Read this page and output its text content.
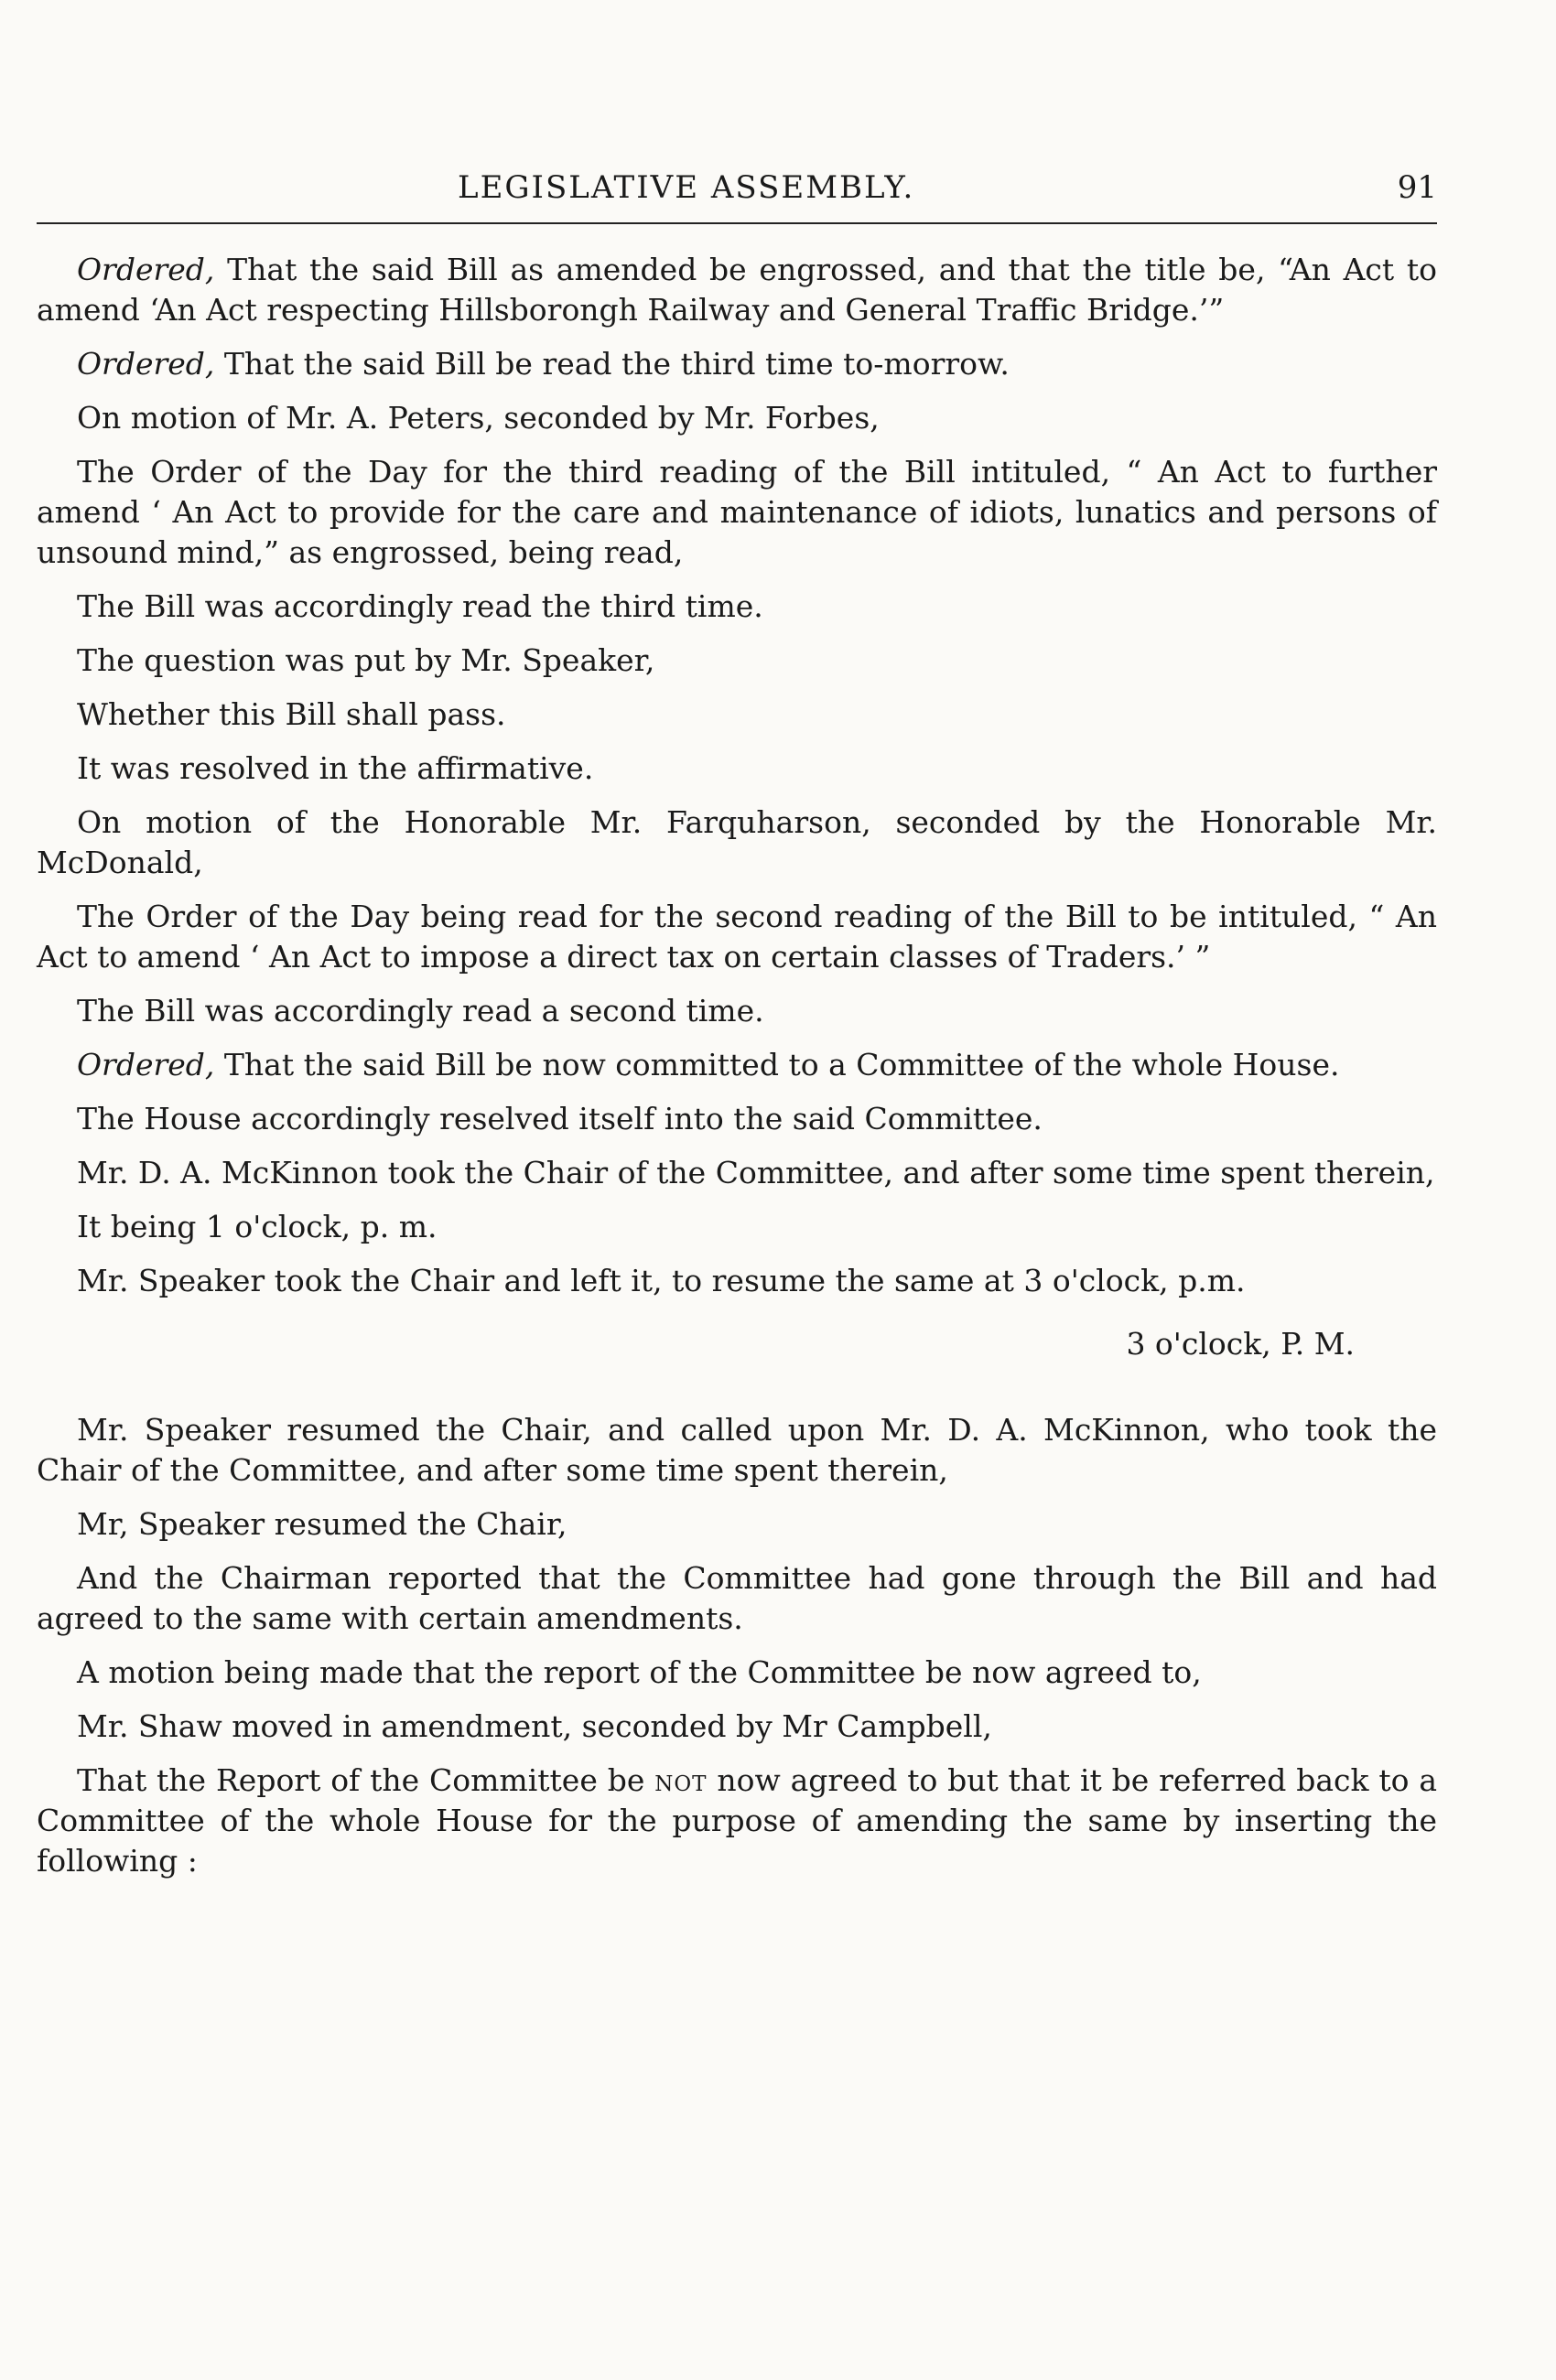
LEGISLATIVE ASSEMBLY.	91

Ordered, That the said Bill as amended be engrossed, and that the title be, “An Act to amend ‘An Act respecting Hillsborongh Railway and General Traffic Bridge.’”

Ordered, That the said Bill be read the third time to-morrow.

On motion of Mr. A. Peters, seconded by Mr. Forbes,

The Order of the Day for the third reading of the Bill intituled, “ An Act to further amend ‘ An Act to provide for the care and maintenance of idiots, lunatics and persons of unsound mind,” as engrossed, being read,

The Bill was accordingly read the third time.

The question was put by Mr. Speaker,

Whether this Bill shall pass.

It was resolved in the affirmative.

On motion of the Honorable Mr. Farquharson, seconded by the Honorable Mr. McDonald,

The Order of the Day being read for the second reading of the Bill to be intituled, “ An Act to amend ‘ An Act to impose a direct tax on certain classes of Traders.’ ”

The Bill was accordingly read a second time.

Ordered, That the said Bill be now committed to a Committee of the whole House.

The House accordingly reselved itself into the said Committee.

Mr. D. A. McKinnon took the Chair of the Committee, and after some time spent therein,

It being 1 o'clock, p. m.

Mr. Speaker took the Chair and left it, to resume the same at 3 o'clock, p.m.

3 o'clock, P. M.

Mr. Speaker resumed the Chair, and called upon Mr. D. A. McKinnon, who took the Chair of the Committee, and after some time spent therein,

Mr, Speaker resumed the Chair,

And the Chairman reported that the Committee had gone through the Bill and had agreed to the same with certain amendments.

A motion being made that the report of the Committee be now agreed to,

Mr. Shaw moved in amendment, seconded by Mr Campbell,

That the Report of the Committee be not now agreed to but that it be referred back to a Committee of the whole House for the purpose of amending the same by inserting the following :
